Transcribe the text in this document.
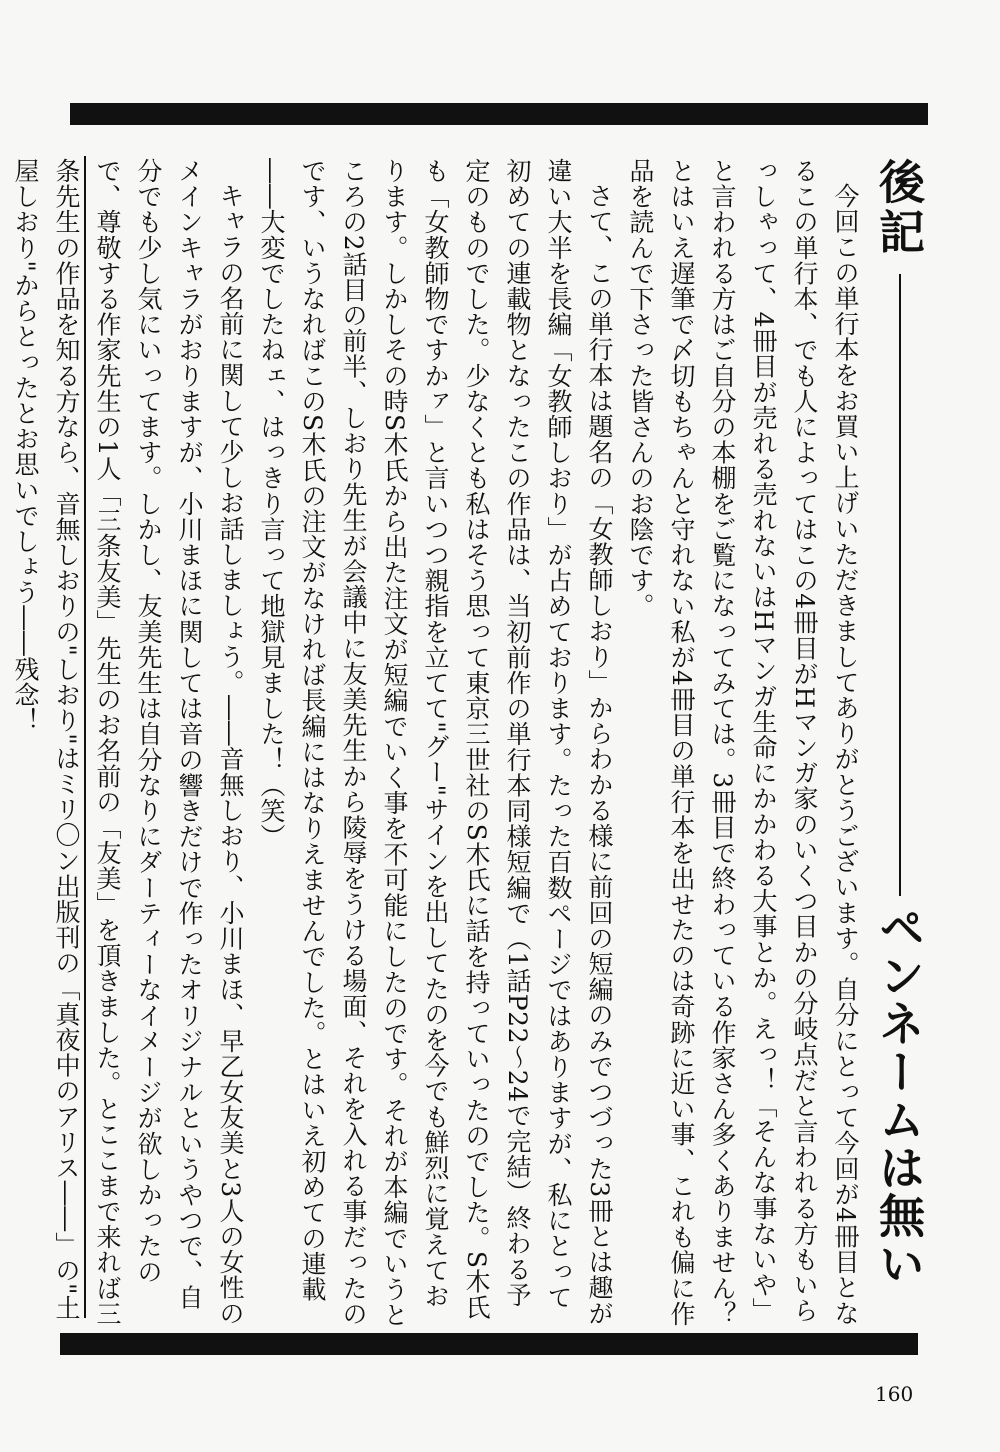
後記
ペンネームは無い

今回この単行本をお買い上げいただきましてありがとうございます。自分にとって今回が4冊目となるこの単行本、でも人によってはこの4冊目がHマンガ家のいくつ目かの分岐点だと言われる方もいらっしゃって、4冊目が売れる売れないはHマンガ生命にかかわる大事とか。えっ！「そんな事ないや」と言われる方はご自分の本棚をご覧になってみては。3冊目で終わっている作家さん多くありません？とはいえ遅筆で〆切もちゃんと守れない私が4冊目の単行本を出せたのは奇跡に近い事、これも偏に作品を読んで下さった皆さんのお陰です。

さて、この単行本は題名の「女教師しおり」からわかる様に前回の短編のみでつづった3冊とは趣が違い大半を長編「女教師しおり」が占めております。たった百数ページではありますが、私にとって初めての連載物となったこの作品は、当初前作の単行本同様短編で（1話P22～24で完結）終わる予定のものでした。少なくとも私はそう思って東京三世社のS木氏に話を持っていったのでした。S木氏も「女教師物ですかァ」と言いつつ親指を立てて"グー"サインを出してたのを今でも鮮烈に覚えております。しかしその時S木氏から出た注文が短編でいく事を不可能にしたのです。それが本編でいうところの2話目の前半、しおり先生が会議中に友美先生から陵辱をうける場面、それを入れる事だったのです、いうなればこのS木氏の注文がなければ長編にはなりえませんでした。とはいえ初めての連載――大変でしたねェ、はっきり言って地獄見ました！（笑）

キャラの名前に関して少しお話しましょう。――音無しおり、小川まほ、早乙女友美と3人の女性のメインキャラがおりますが、小川まほに関しては音の響きだけで作ったオリジナルというやつで、自分でも少し気にいってます。しかし、友美先生は自分なりにダーティーなイメージが欲しかったので、尊敬する作家先生の1人「三条友美」先生のお名前の「友美」を頂きました。とここまで来れば三条先生の作品を知る方なら、音無しおりの"しおり"はミリ〇ン出版刊の「真夜中のアリス――」の"土屋しおり"からとったとお思いでしょう――残念！

160
